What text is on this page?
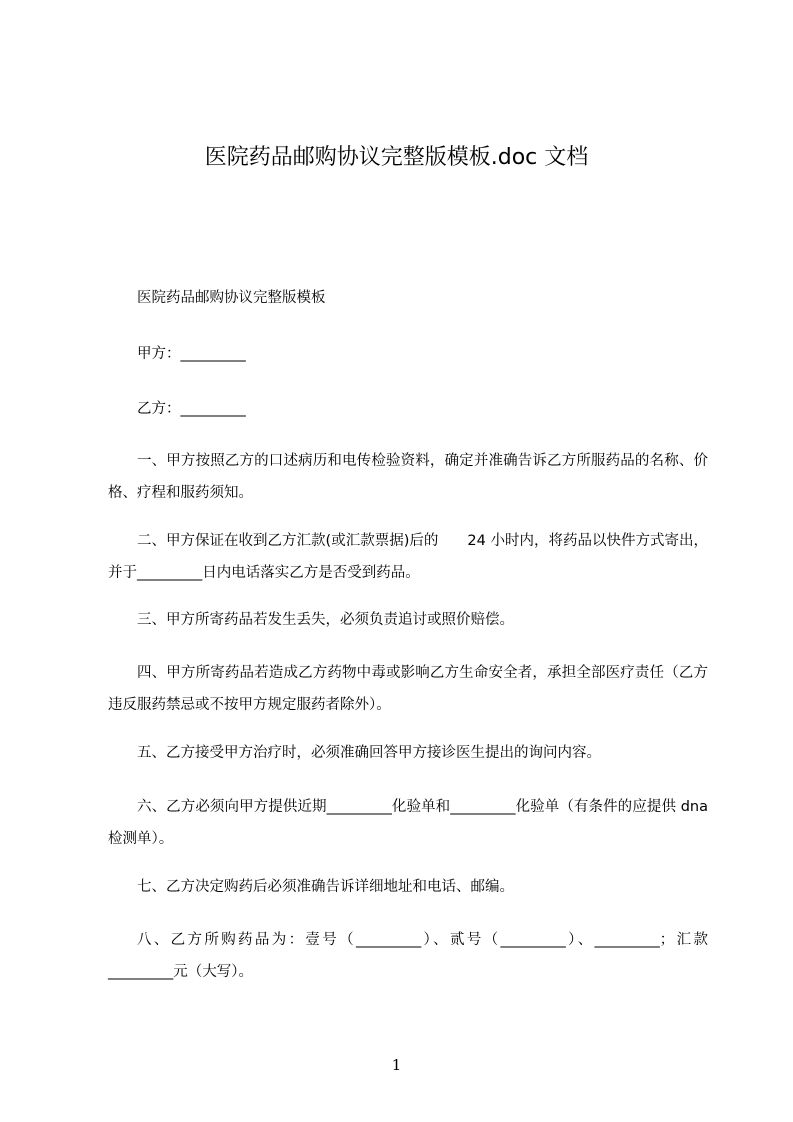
医院药品邮购协议完整版模板.doc 文档

医院药品邮购协议完整版模板

甲方：_________

乙方：_________

一、甲方按照乙方的口述病历和电传检验资料，确定并准确告诉乙方所服药品的名称、价格、疗程和服药须知。

二、甲方保证在收到乙方汇款(或汇款票据)后的　　24 小时内，将药品以快件方式寄出，并于_________日内电话落实乙方是否受到药品。

三、甲方所寄药品若发生丢失，必须负责追讨或照价赔偿。

四、甲方所寄药品若造成乙方药物中毒或影响乙方生命安全者，承担全部医疗责任（乙方违反服药禁忌或不按甲方规定服药者除外）。

五、乙方接受甲方治疗时，必须准确回答甲方接诊医生提出的询问内容。

六、乙方必须向甲方提供近期_________化验单和_________化验单（有条件的应提供 dna 检测单）。

七、乙方决定购药后必须准确告诉详细地址和电话、邮编。

八、乙方所购药品为：壹号（_________）、贰号（_________）、_________；汇款_________元（大写）。

1
